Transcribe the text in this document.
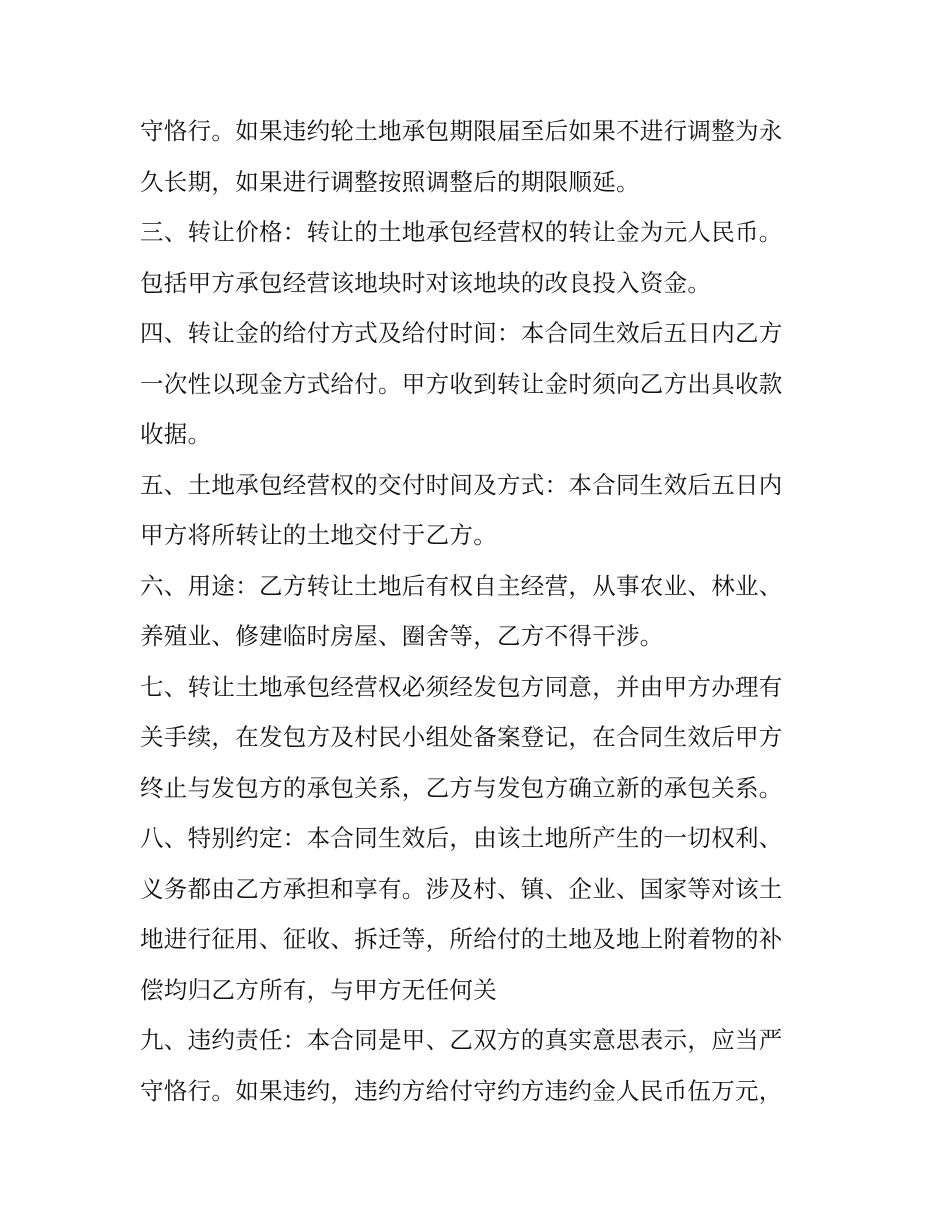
守恪行。如果违约轮土地承包期限届至后如果不进行调整为永
久长期，如果进行调整按照调整后的期限顺延。
三、转让价格：转让的土地承包经营权的转让金为元人民币。
包括甲方承包经营该地块时对该地块的改良投入资金。
四、转让金的给付方式及给付时间：本合同生效后五日内乙方
一次性以现金方式给付。甲方收到转让金时须向乙方出具收款
收据。
五、土地承包经营权的交付时间及方式：本合同生效后五日内
甲方将所转让的土地交付于乙方。
六、用途：乙方转让土地后有权自主经营，从事农业、林业、
养殖业、修建临时房屋、圈舍等，乙方不得干涉。
七、转让土地承包经营权必须经发包方同意，并由甲方办理有
关手续，在发包方及村民小组处备案登记，在合同生效后甲方
终止与发包方的承包关系，乙方与发包方确立新的承包关系。
八、特别约定：本合同生效后，由该土地所产生的一切权利、
义务都由乙方承担和享有。涉及村、镇、企业、国家等对该土
地进行征用、征收、拆迁等，所给付的土地及地上附着物的补
偿均归乙方所有，与甲方无任何关
九、违约责任：本合同是甲、乙双方的真实意思表示，应当严
守恪行。如果违约，违约方给付守约方违约金人民币伍万元，
